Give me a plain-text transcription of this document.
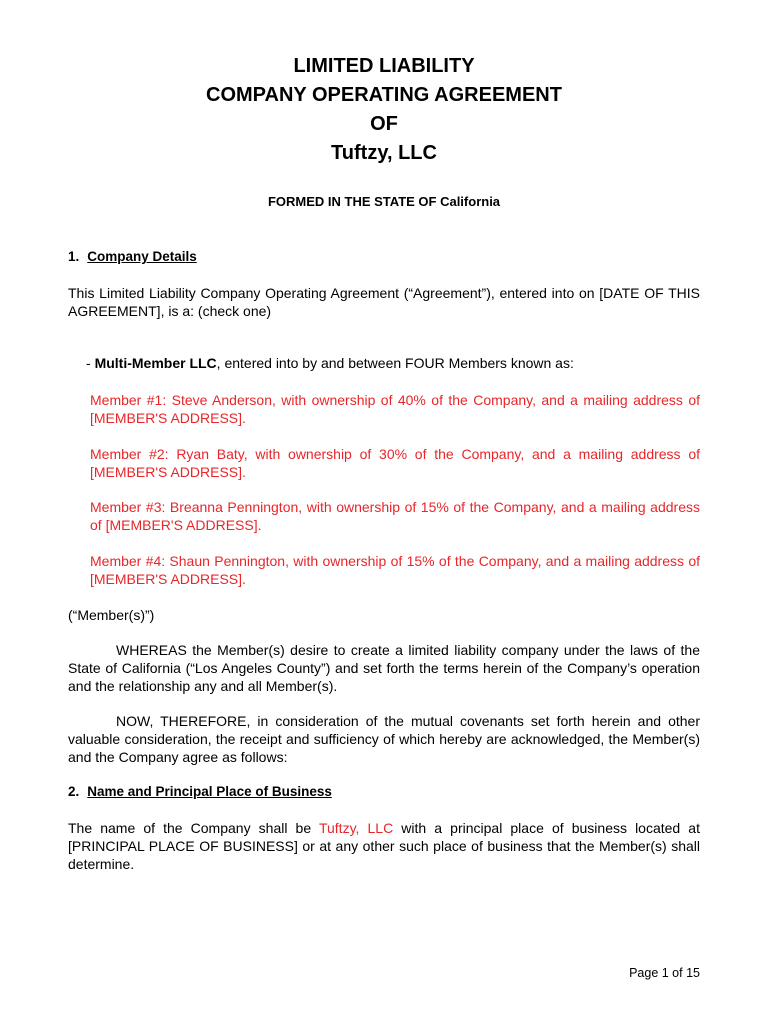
LIMITED LIABILITY
COMPANY OPERATING AGREEMENT
OF
Tuftzy, LLC
FORMED IN THE STATE OF California
1. Company Details
This Limited Liability Company Operating Agreement (“Agreement”), entered into on [DATE OF THIS AGREEMENT], is a: (check one)
- Multi-Member LLC, entered into by and between FOUR Members known as:
Member #1: Steve Anderson, with ownership of 40% of the Company, and a mailing address of [MEMBER'S ADDRESS].
Member #2: Ryan Baty, with ownership of 30% of the Company, and a mailing address of [MEMBER'S ADDRESS].
Member #3: Breanna Pennington, with ownership of 15% of the Company, and a mailing address of [MEMBER'S ADDRESS].
Member #4: Shaun Pennington, with ownership of 15% of the Company, and a mailing address of [MEMBER'S ADDRESS].
(“Member(s)”)
WHEREAS the Member(s) desire to create a limited liability company under the laws of the State of California (“Los Angeles County”) and set forth the terms herein of the Company’s operation and the relationship any and all Member(s).
NOW, THEREFORE, in consideration of the mutual covenants set forth herein and other valuable consideration, the receipt and sufficiency of which hereby are acknowledged, the Member(s) and the Company agree as follows:
2. Name and Principal Place of Business
The name of the Company shall be Tuftzy, LLC with a principal place of business located at [PRINCIPAL PLACE OF BUSINESS] or at any other such place of business that the Member(s) shall determine.
Page 1 of 15
